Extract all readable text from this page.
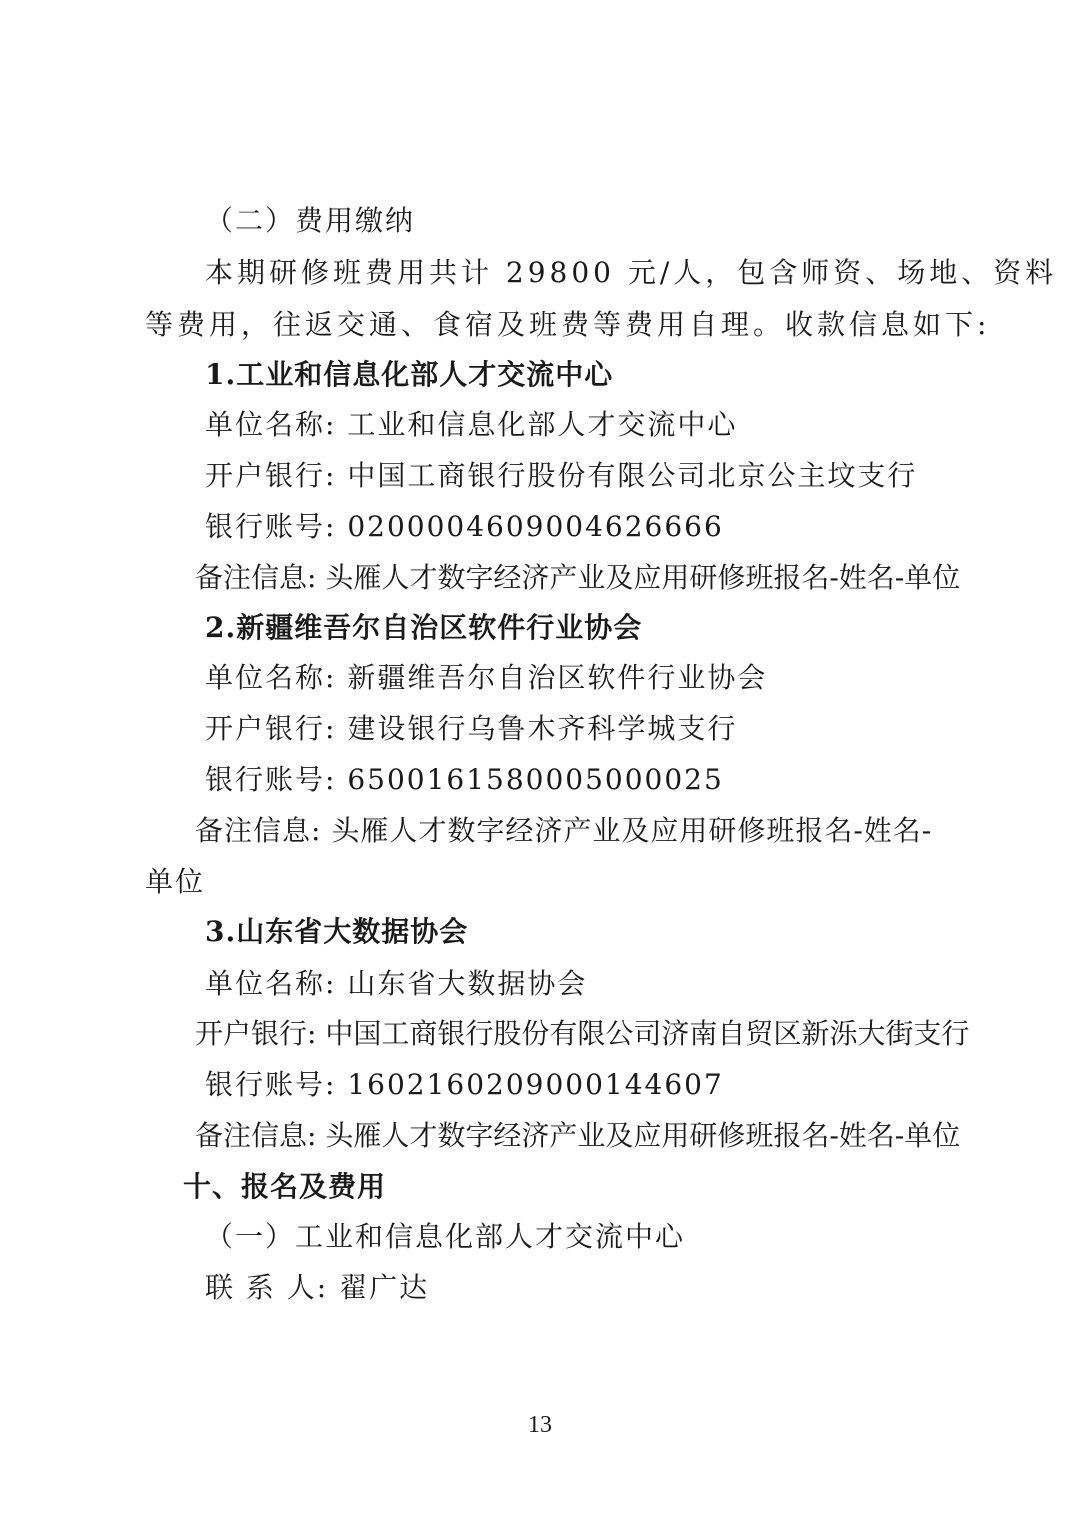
（二）费用缴纳
本期研修班费用共计 29800 元/人，包含师资、场地、资料
等费用，往返交通、食宿及班费等费用自理。收款信息如下:
1.工业和信息化部人才交流中心
单位名称: 工业和信息化部人才交流中心
开户银行: 中国工商银行股份有限公司北京公主坟支行
银行账号: 0200004609004626666
备注信息: 头雁人才数字经济产业及应用研修班报名-姓名-单位
2.新疆维吾尔自治区软件行业协会
单位名称: 新疆维吾尔自治区软件行业协会
开户银行: 建设银行乌鲁木齐科学城支行
银行账号: 6500161580005000025
备注信息: 头雁人才数字经济产业及应用研修班报名-姓名-
单位
3.山东省大数据协会
单位名称: 山东省大数据协会
开户银行: 中国工商银行股份有限公司济南自贸区新泺大街支行
银行账号: 1602160209000144607
备注信息: 头雁人才数字经济产业及应用研修班报名-姓名-单位
十、报名及费用
（一）工业和信息化部人才交流中心
联 系 人: 翟广达
13
